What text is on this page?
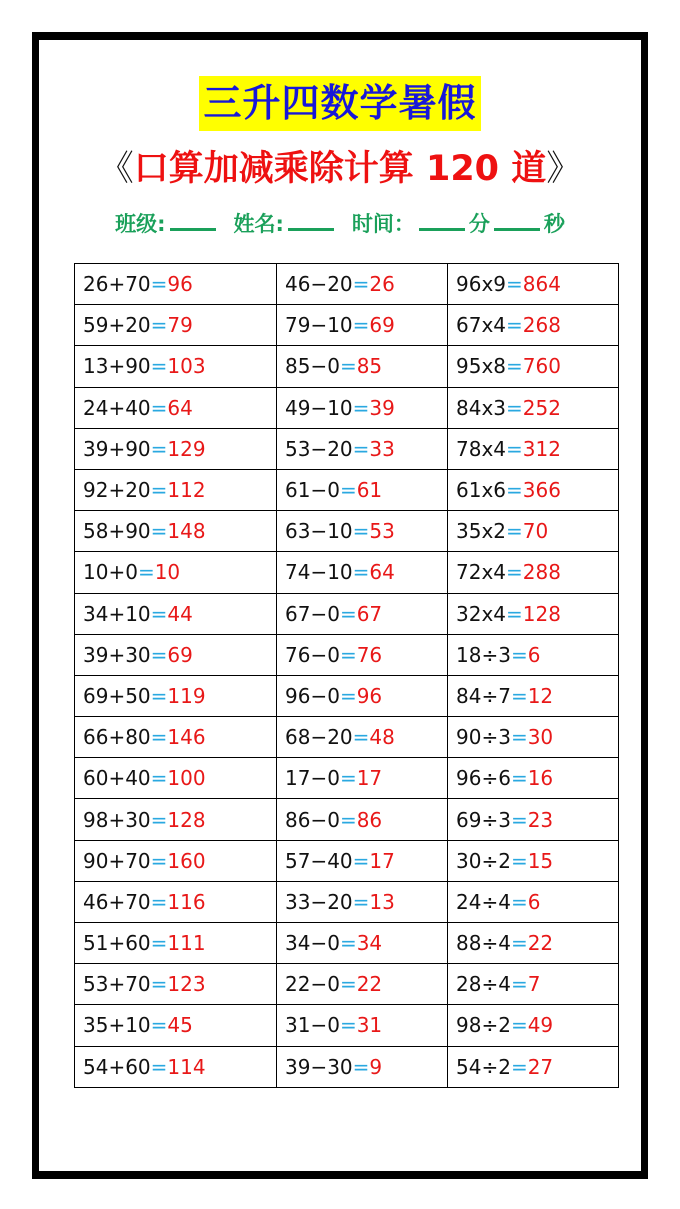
三升四数学暑假
《口算加减乘除计算 120 道》
班级:	姓名:	时间：	分	秒
26+70=96	46−20=26	96x9=864
59+20=79	79−10=69	67x4=268
13+90=103	85−0=85	95x8=760
24+40=64	49−10=39	84x3=252
39+90=129	53−20=33	78x4=312
92+20=112	61−0=61	61x6=366
58+90=148	63−10=53	35x2=70
10+0=10	74−10=64	72x4=288
34+10=44	67−0=67	32x4=128
39+30=69	76−0=76	18÷3=6
69+50=119	96−0=96	84÷7=12
66+80=146	68−20=48	90÷3=30
60+40=100	17−0=17	96÷6=16
98+30=128	86−0=86	69÷3=23
90+70=160	57−40=17	30÷2=15
46+70=116	33−20=13	24÷4=6
51+60=111	34−0=34	88÷4=22
53+70=123	22−0=22	28÷4=7
35+10=45	31−0=31	98÷2=49
54+60=114	39−30=9	54÷2=27
